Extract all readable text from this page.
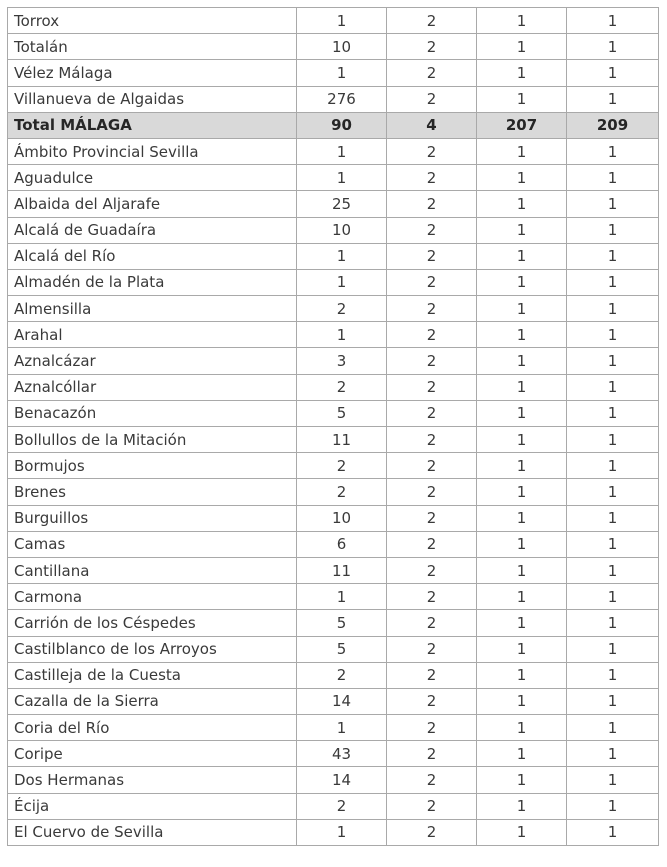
Torrox	1	2	1	1
Totalán	10	2	1	1
Vélez Málaga	1	2	1	1
Villanueva de Algaidas	276	2	1	1
Total MÁLAGA	90	4	207	209
Ámbito Provincial Sevilla	1	2	1	1
Aguadulce	1	2	1	1
Albaida del Aljarafe	25	2	1	1
Alcalá de Guadaíra	10	2	1	1
Alcalá del Río	1	2	1	1
Almadén de la Plata	1	2	1	1
Almensilla	2	2	1	1
Arahal	1	2	1	1
Aznalcázar	3	2	1	1
Aznalcóllar	2	2	1	1
Benacazón	5	2	1	1
Bollullos de la Mitación	11	2	1	1
Bormujos	2	2	1	1
Brenes	2	2	1	1
Burguillos	10	2	1	1
Camas	6	2	1	1
Cantillana	11	2	1	1
Carmona	1	2	1	1
Carrión de los Céspedes	5	2	1	1
Castilblanco de los Arroyos	5	2	1	1
Castilleja de la Cuesta	2	2	1	1
Cazalla de la Sierra	14	2	1	1
Coria del Río	1	2	1	1
Coripe	43	2	1	1
Dos Hermanas	14	2	1	1
Écija	2	2	1	1
El Cuervo de Sevilla	1	2	1	1
